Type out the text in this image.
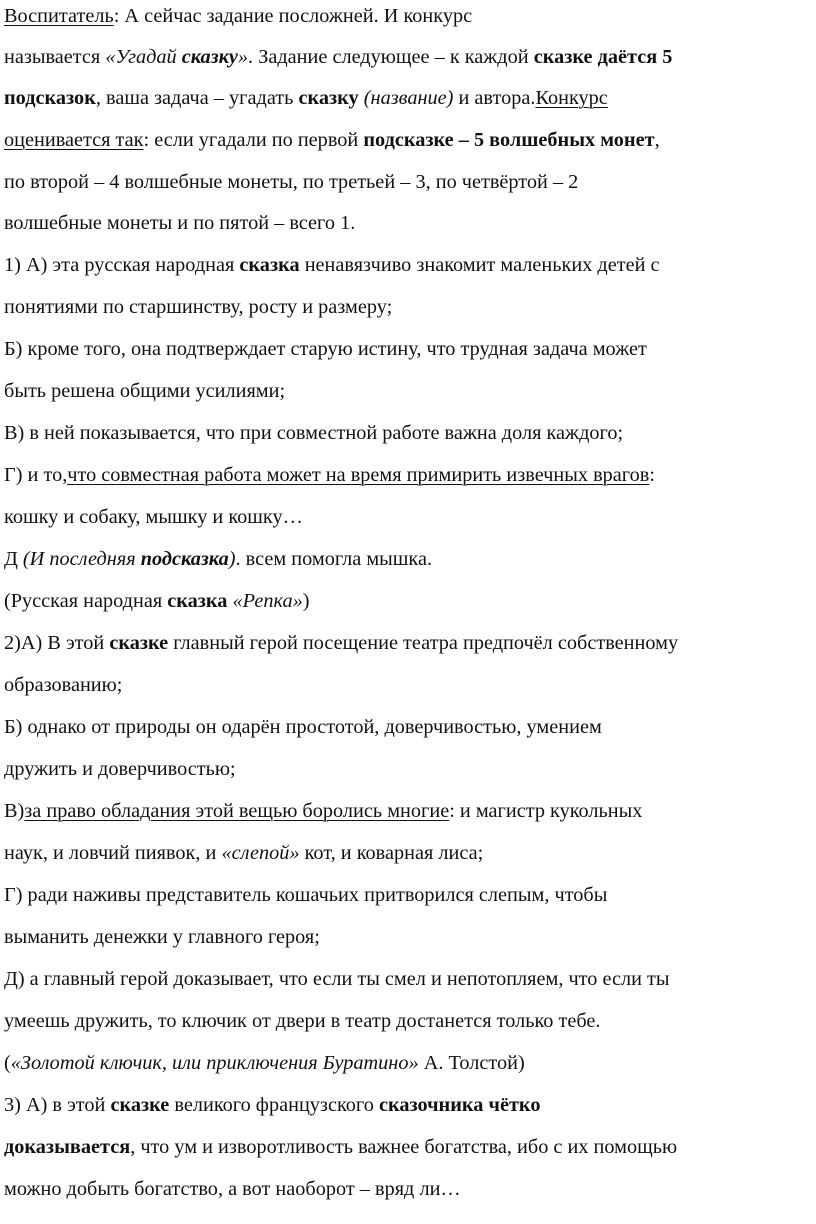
Воспитатель: А сейчас задание посложней. И конкурс
называется «Угадай сказку». Задание следующее – к каждой сказке даётся 5
подсказок, ваша задача – угадать сказку (название) и автора.Конкурс
оценивается так: если угадали по первой подсказке – 5 волшебных монет,
по второй – 4 волшебные монеты, по третьей – 3, по четвёртой – 2
волшебные монеты и по пятой – всего 1.
1) А) эта русская народная сказка ненавязчиво знакомит маленьких детей с
понятиями по старшинству, росту и размеру;
Б) кроме того, она подтверждает старую истину, что трудная задача может
быть решена общими усилиями;
В) в ней показывается, что при совместной работе важна доля каждого;
Г) и то,что совместная работа может на время примирить извечных врагов:
кошку и собаку, мышку и кошку…
Д (И последняя подсказка). всем помогла мышка.
(Русская народная сказка «Репка»)
2)А) В этой сказке главный герой посещение театра предпочёл собственному
образованию;
Б) однако от природы он одарён простотой, доверчивостью, умением
дружить и доверчивостью;
В)за право обладания этой вещью боролись многие: и магистр кукольных
наук, и ловчий пиявок, и «слепой» кот, и коварная лиса;
Г) ради наживы представитель кошачьих притворился слепым, чтобы
выманить денежки у главного героя;
Д) а главный герой доказывает, что если ты смел и непотопляем, что если ты
умеешь дружить, то ключик от двери в театр достанется только тебе.
(«Золотой ключик, или приключения Буратино» А. Толстой)
3) А) в этой сказке великого французского сказочника чётко
доказывается, что ум и изворотливость важнее богатства, ибо с их помощью
можно добыть богатство, а вот наоборот – вряд ли…
